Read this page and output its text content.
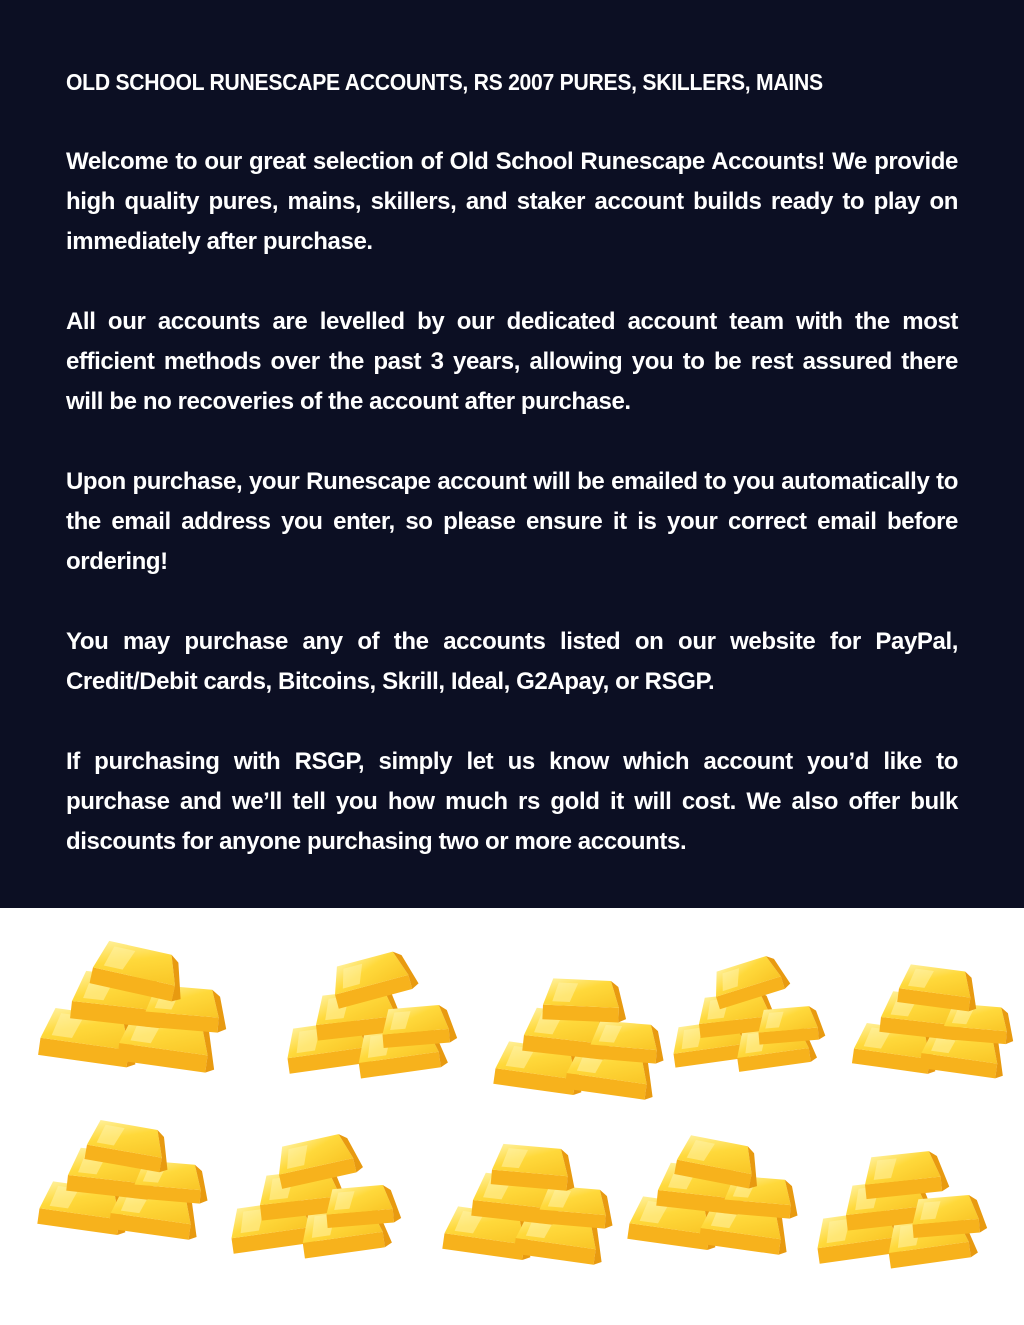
OLD SCHOOL RUNESCAPE ACCOUNTS, RS 2007 PURES, SKILLERS, MAINS

Welcome to our great selection of Old School Runescape Accounts! We provide high quality pures, mains, skillers, and staker account builds ready to play on immediately after purchase.

All our accounts are levelled by our dedicated account team with the most efficient methods over the past 3 years, allowing you to be rest assured there will be no recoveries of the account after purchase.

Upon purchase, your Runescape account will be emailed to you automatically to the email address you enter, so please ensure it is your correct email before ordering!

You may purchase any of the accounts listed on our website for PayPal, Credit/Debit cards, Bitcoins, Skrill, Ideal, G2Apay, or RSGP.

If purchasing with RSGP, simply let us know which account you’d like to purchase and we’ll tell you how much rs gold it will cost. We also offer bulk discounts for anyone purchasing two or more accounts.
